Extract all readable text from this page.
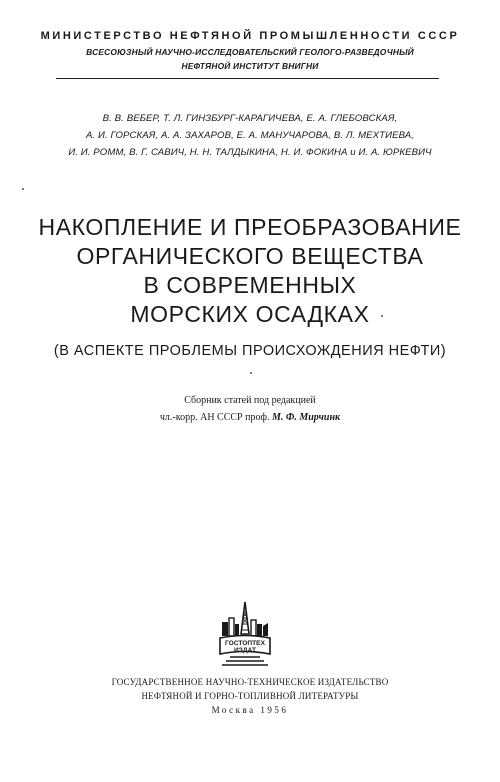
МИНИСТЕРСТВО НЕФТЯНОЙ ПРОМЫШЛЕННОСТИ СССР
ВСЕСОЮЗНЫЙ НАУЧНО-ИССЛЕДОВАТЕЛЬСКИЙ ГЕОЛОГО-РАЗВЕДОЧНЫЙ
НЕФТЯНОЙ ИНСТИТУТ ВНИГНИ
В. В. ВЕБЕР, Т. Л. ГИНЗБУРГ-КАРАГИЧЕВА, Е. А. ГЛЕБОВСКАЯ,
А. И. ГОРСКАЯ, А. А. ЗАХАРОВ, Е. А. МАНУЧАРОВА, В. Л. МЕХТИЕВА,
И. И. РОММ, В. Г. САВИЧ, Н. Н. ТАЛДЫКИНА, Н. И. ФОКИНА и И. А. ЮРКЕВИЧ
НАКОПЛЕНИЕ И ПРЕОБРАЗОВАНИЕ
ОРГАНИЧЕСКОГО ВЕЩЕСТВА
В СОВРЕМЕННЫХ
МОРСКИХ ОСАДКАХ
(В АСПЕКТЕ ПРОБЛЕМЫ ПРОИСХОЖДЕНИЯ НЕФТИ)
Сборник статей под редакцией
чл.-корр. АН СССР проф. М. Ф. Мирчинк
ГОСТОПТЕХ
ИЗДАТ
ГОСУДАРСТВЕННОЕ НАУЧНО-ТЕХНИЧЕСКОЕ ИЗДАТЕЛЬСТВО
НЕФТЯНОЙ И ГОРНО-ТОПЛИВНОЙ ЛИТЕРАТУРЫ
Москва 1956
